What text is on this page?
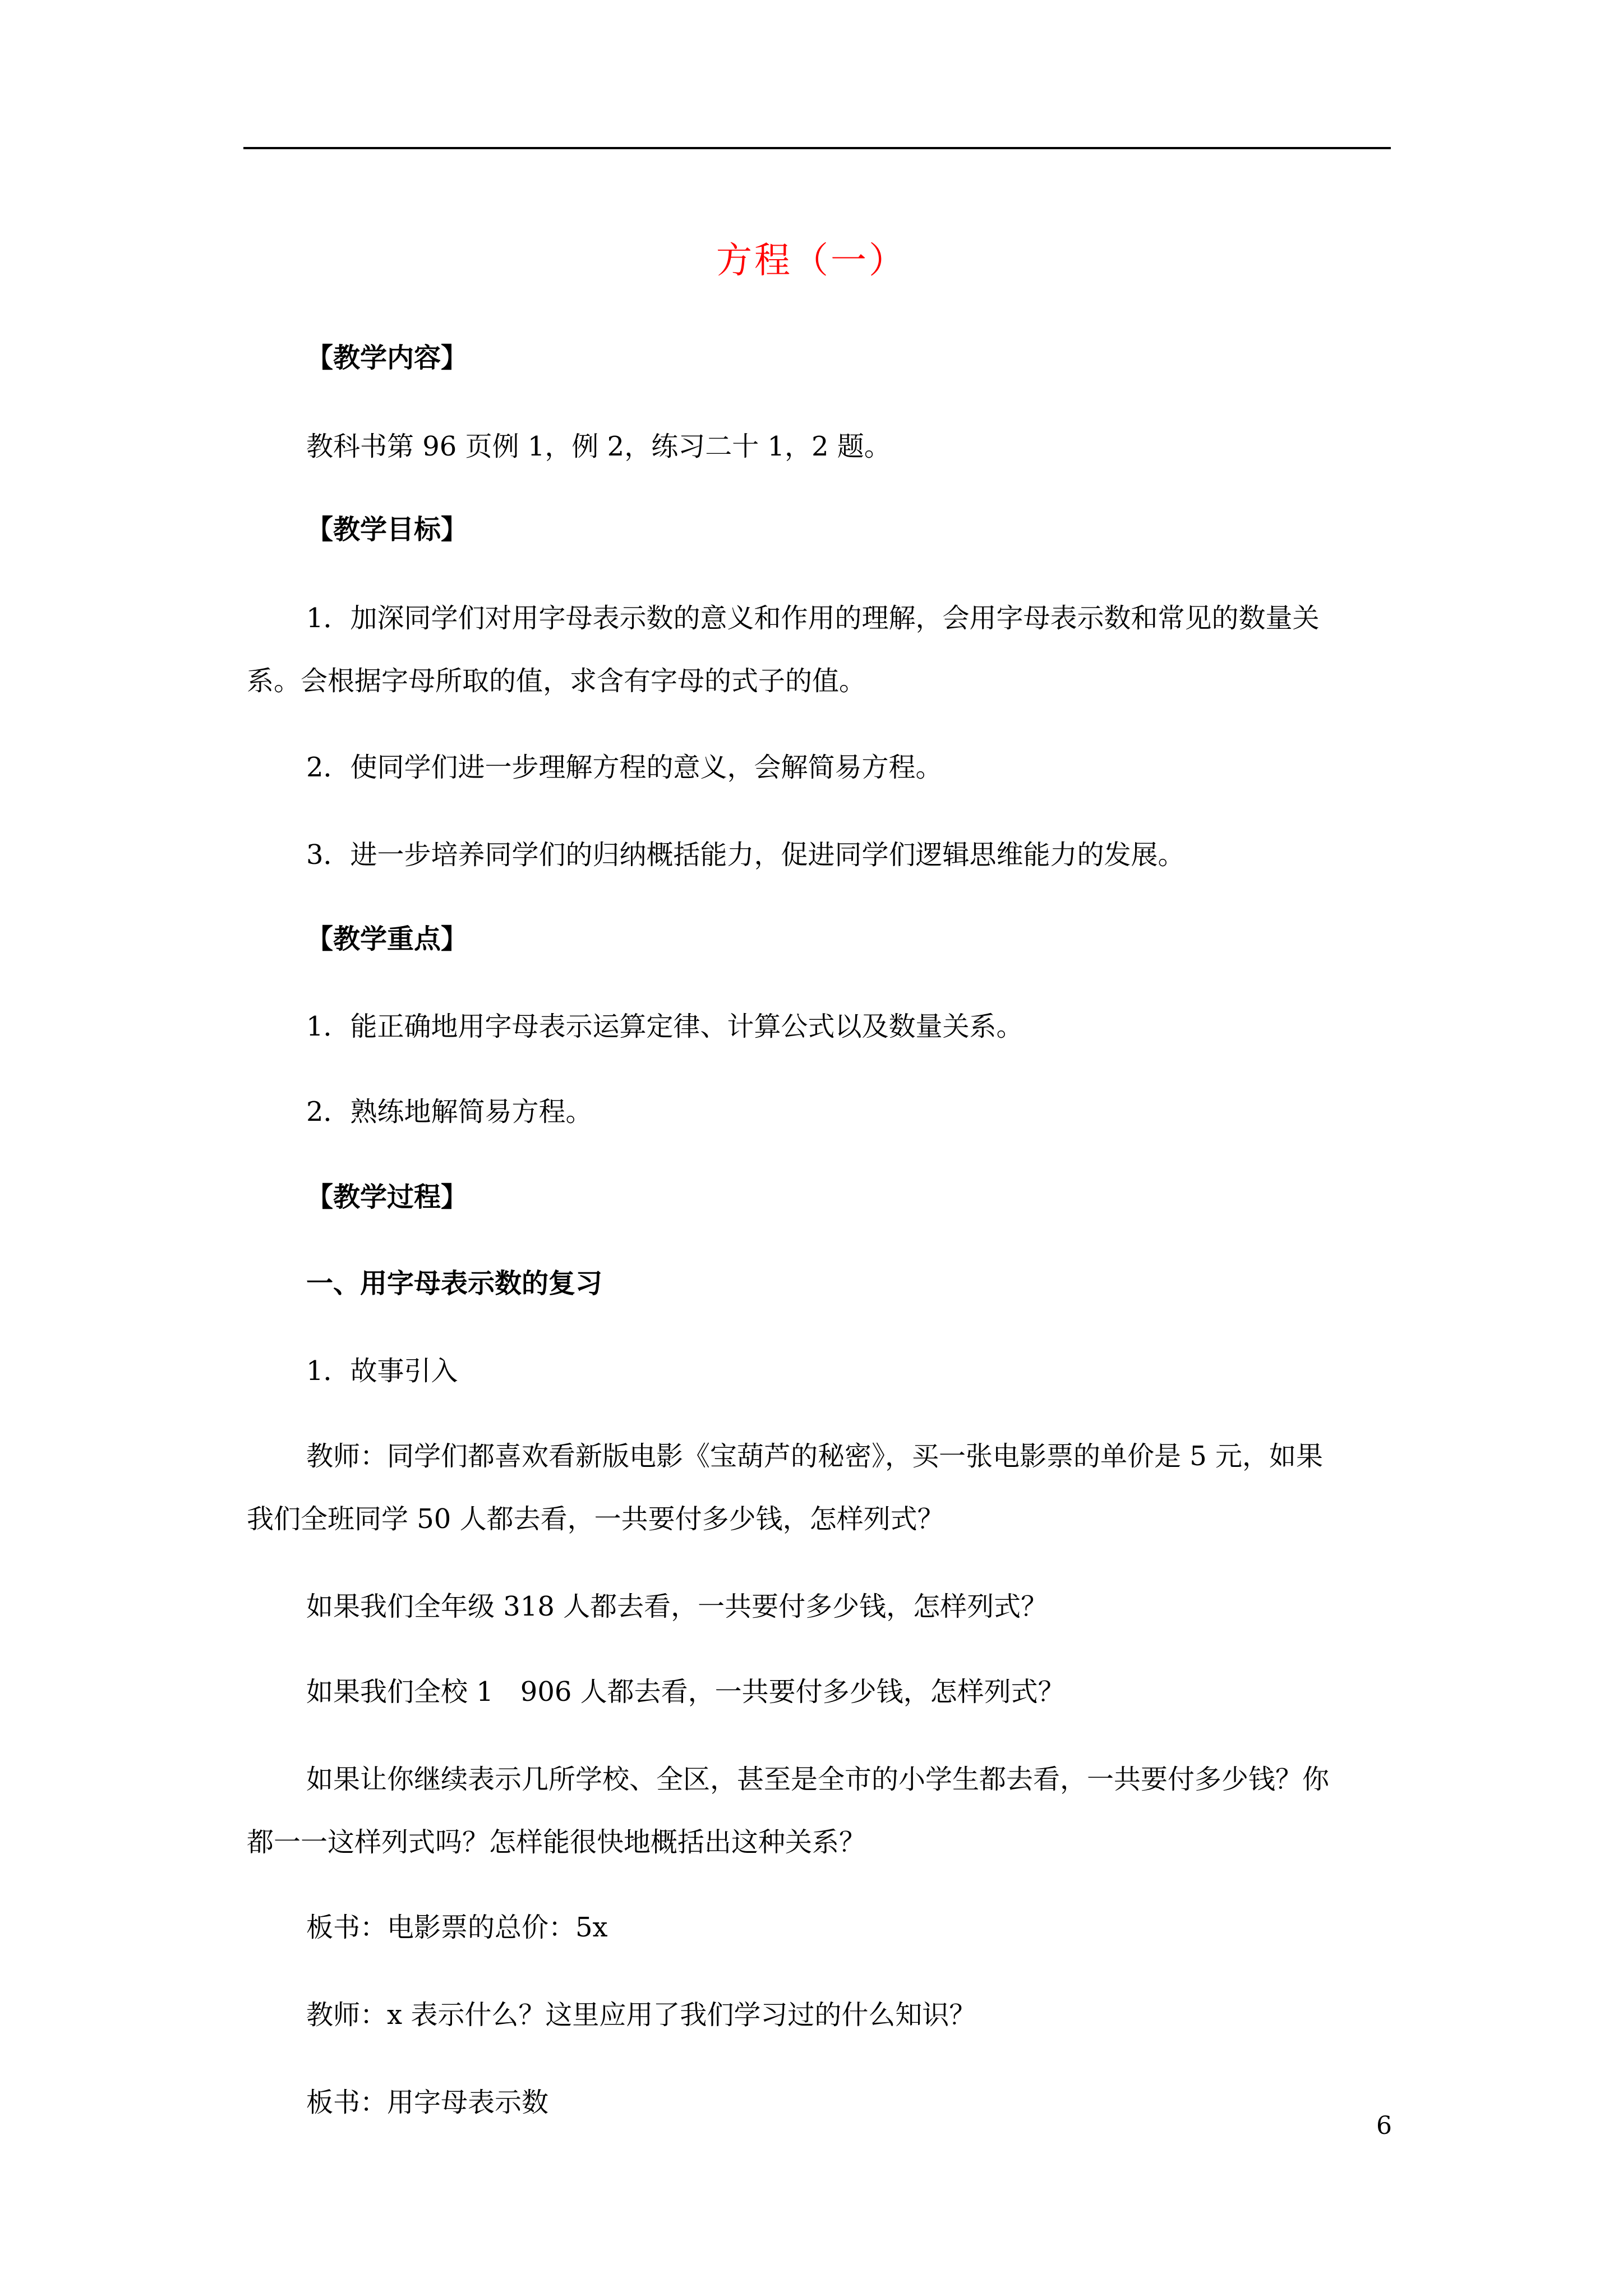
方程（一）
【教学内容】
教科书第 96 页例 1，例 2，练习二十 1，2 题。
【教学目标】
1．加深同学们对用字母表示数的意义和作用的理解，会用字母表示数和常见的数量关
系。会根据字母所取的值，求含有字母的式子的值。
2．使同学们进一步理解方程的意义，会解简易方程。
3．进一步培养同学们的归纳概括能力，促进同学们逻辑思维能力的发展。
【教学重点】
1．能正确地用字母表示运算定律、计算公式以及数量关系。
2．熟练地解简易方程。
【教学过程】
一、用字母表示数的复习
1．故事引入
教师：同学们都喜欢看新版电影《宝葫芦的秘密》，买一张电影票的单价是 5 元，如果
我们全班同学 50 人都去看，一共要付多少钱，怎样列式？
如果我们全年级 318 人都去看，一共要付多少钱，怎样列式？
如果我们全校 1　906 人都去看，一共要付多少钱，怎样列式？
如果让你继续表示几所学校、全区，甚至是全市的小学生都去看，一共要付多少钱？你
都一一这样列式吗？怎样能很快地概括出这种关系？
板书：电影票的总价：5x
教师：x 表示什么？这里应用了我们学习过的什么知识？
板书：用字母表示数
6
